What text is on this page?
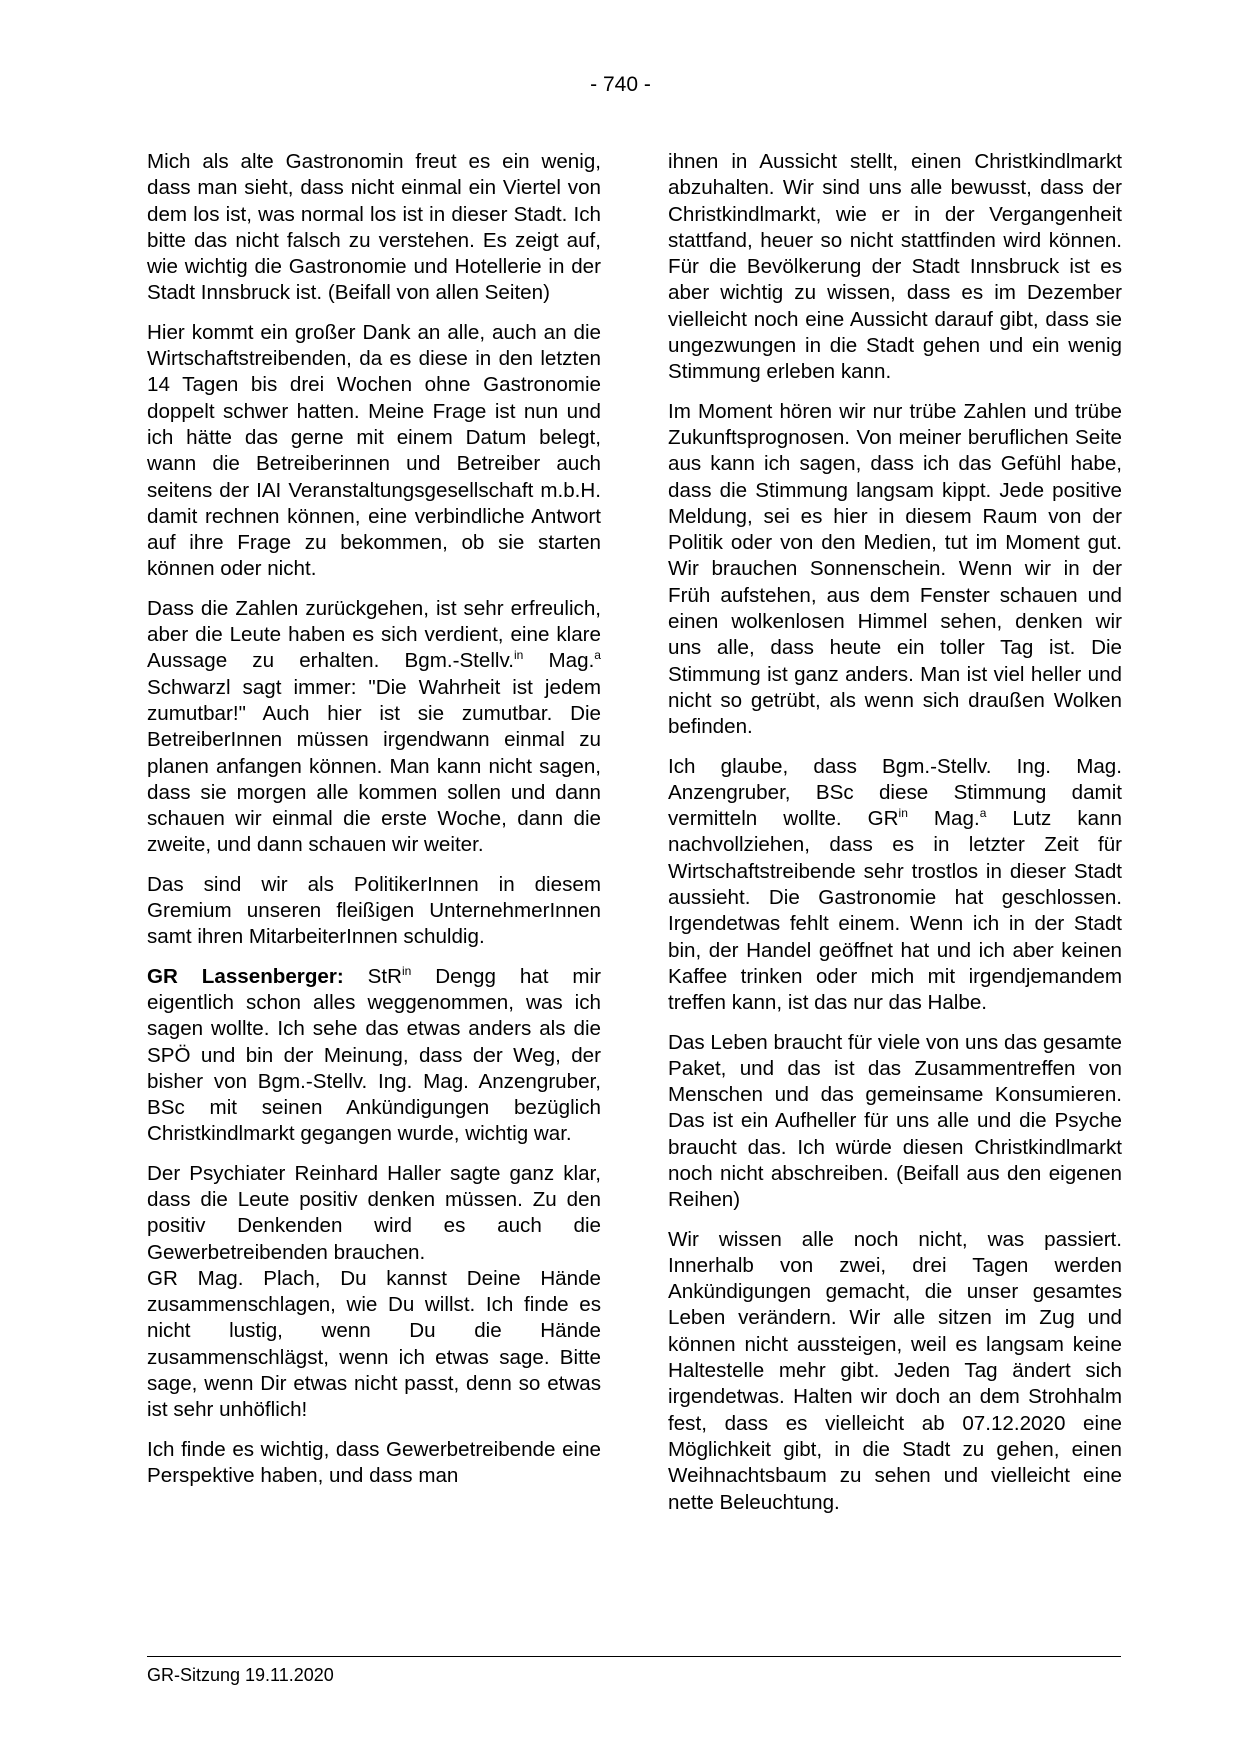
- 740 -

Mich als alte Gastronomin freut es ein wenig, dass man sieht, dass nicht einmal ein Viertel von dem los ist, was normal los ist in dieser Stadt. Ich bitte das nicht falsch zu verstehen. Es zeigt auf, wie wichtig die Gastronomie und Hotellerie in der Stadt Innsbruck ist. (Beifall von allen Seiten)

Hier kommt ein großer Dank an alle, auch an die Wirtschaftstreibenden, da es diese in den letzten 14 Tagen bis drei Wochen ohne Gastronomie doppelt schwer hatten. Meine Frage ist nun und ich hätte das gerne mit einem Datum belegt, wann die Betreiberinnen und Betreiber auch seitens der IAI Veranstaltungsgesellschaft m.b.H. damit rechnen können, eine verbindliche Antwort auf ihre Frage zu bekommen, ob sie starten können oder nicht.

Dass die Zahlen zurückgehen, ist sehr erfreulich, aber die Leute haben es sich verdient, eine klare Aussage zu erhalten. Bgm.-Stellv.$^{in}$ Mag.$^a$ Schwarzl sagt immer: "Die Wahrheit ist jedem zumutbar!" Auch hier ist sie zumutbar. Die BetreiberInnen müssen irgendwann einmal zu planen anfangen können. Man kann nicht sagen, dass sie morgen alle kommen sollen und dann schauen wir einmal die erste Woche, dann die zweite, und dann schauen wir weiter.

Das sind wir als PolitikerInnen in diesem Gremium unseren fleißigen UnternehmerInnen samt ihren MitarbeiterInnen schuldig.

GR Lassenberger: StR$^{in}$ Dengg hat mir eigentlich schon alles weggenommen, was ich sagen wollte. Ich sehe das etwas anders als die SPÖ und bin der Meinung, dass der Weg, der bisher von Bgm.-Stellv. Ing. Mag. Anzengruber, BSc mit seinen Ankündigungen bezüglich Christkindlmarkt gegangen wurde, wichtig war.

Der Psychiater Reinhard Haller sagte ganz klar, dass die Leute positiv denken müssen. Zu den positiv Denkenden wird es auch die Gewerbetreibenden brauchen.
GR Mag. Plach, Du kannst Deine Hände zusammenschlagen, wie Du willst. Ich finde es nicht lustig, wenn Du die Hände zusammenschlägst, wenn ich etwas sage. Bitte sage, wenn Dir etwas nicht passt, denn so etwas ist sehr unhöflich!

Ich finde es wichtig, dass Gewerbetreibende eine Perspektive haben, und dass man

ihnen in Aussicht stellt, einen Christkindlmarkt abzuhalten. Wir sind uns alle bewusst, dass der Christkindlmarkt, wie er in der Vergangenheit stattfand, heuer so nicht stattfinden wird können. Für die Bevölkerung der Stadt Innsbruck ist es aber wichtig zu wissen, dass es im Dezember vielleicht noch eine Aussicht darauf gibt, dass sie ungezwungen in die Stadt gehen und ein wenig Stimmung erleben kann.

Im Moment hören wir nur trübe Zahlen und trübe Zukunftsprognosen. Von meiner beruflichen Seite aus kann ich sagen, dass ich das Gefühl habe, dass die Stimmung langsam kippt. Jede positive Meldung, sei es hier in diesem Raum von der Politik oder von den Medien, tut im Moment gut. Wir brauchen Sonnenschein. Wenn wir in der Früh aufstehen, aus dem Fenster schauen und einen wolkenlosen Himmel sehen, denken wir uns alle, dass heute ein toller Tag ist. Die Stimmung ist ganz anders. Man ist viel heller und nicht so getrübt, als wenn sich draußen Wolken befinden.

Ich glaube, dass Bgm.-Stellv. Ing. Mag. Anzengruber, BSc diese Stimmung damit vermitteln wollte. $GR^{in}$ Mag.$^a$ Lutz kann nachvollziehen, dass es in letzter Zeit für Wirtschaftstreibende sehr trostlos in dieser Stadt aussieht. Die Gastronomie hat geschlossen. Irgendetwas fehlt einem. Wenn ich in der Stadt bin, der Handel geöffnet hat und ich aber keinen Kaffee trinken oder mich mit irgendjemandem treffen kann, ist das nur das Halbe.

Das Leben braucht für viele von uns das gesamte Paket, und das ist das Zusammentreffen von Menschen und das gemeinsame Konsumieren. Das ist ein Aufheller für uns alle und die Psyche braucht das. Ich würde diesen Christkindlmarkt noch nicht abschreiben. (Beifall aus den eigenen Reihen)

Wir wissen alle noch nicht, was passiert. Innerhalb von zwei, drei Tagen werden Ankündigungen gemacht, die unser gesamtes Leben verändern. Wir alle sitzen im Zug und können nicht aussteigen, weil es langsam keine Haltestelle mehr gibt. Jeden Tag ändert sich irgendetwas. Halten wir doch an dem Strohhalm fest, dass es vielleicht ab 07.12.2020 eine Möglichkeit gibt, in die Stadt zu gehen, einen Weihnachtsbaum zu sehen und vielleicht eine nette Beleuchtung.

GR-Sitzung 19.11.2020
